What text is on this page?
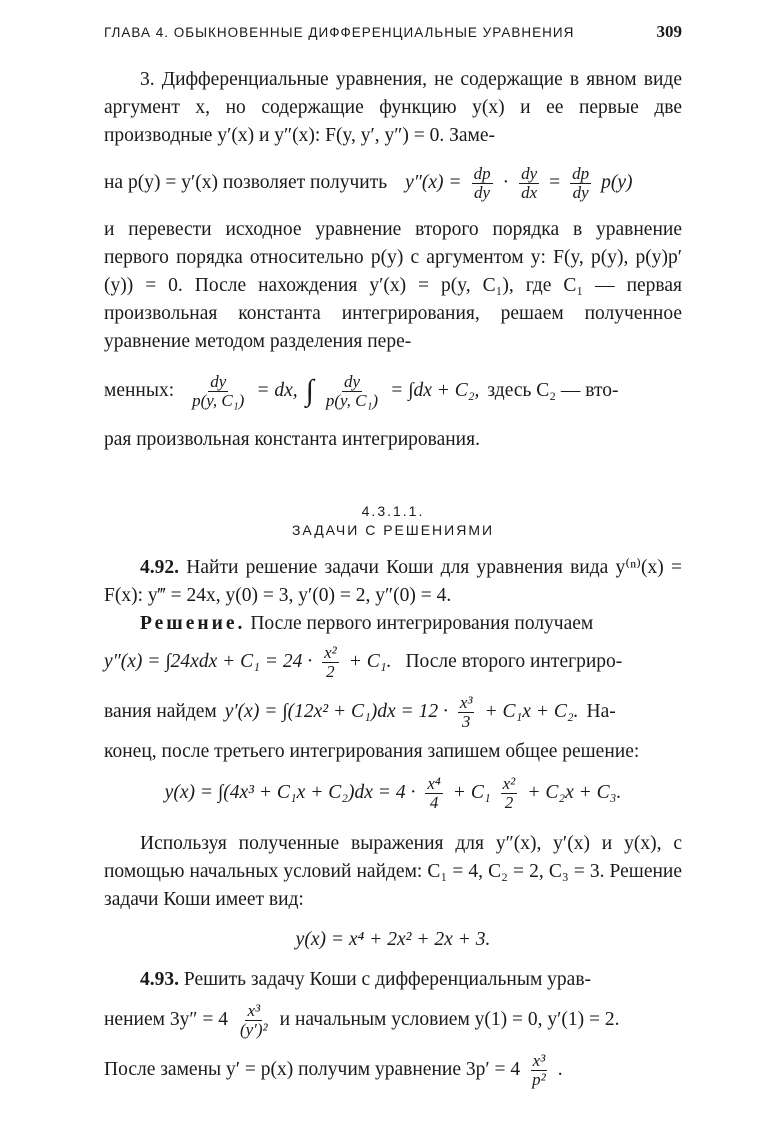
ГЛАВА 4. ОБЫКНОВЕННЫЕ ДИФФЕРЕНЦИАЛЬНЫЕ УРАВНЕНИЯ	309

3. Дифференциальные уравнения, не содержащие в явном виде аргумент x, но содержащие функцию y(x) и ее первые две производные y′(x) и y″(x): F(y, y′, y″) = 0. Заме-

на p(y) = y′(x) позволяет получить $y''(x) = \frac{dp}{dy} \cdot \frac{dy}{dx} = \frac{dp}{dy} p(y)$

и перевести исходное уравнение второго порядка в уравнение первого порядка относительно p(y) с аргументом y: F(y, p(y), p(y)p′(y)) = 0. После нахождения y′(x) = p(y, C₁), где C₁ — первая произвольная константа интегрирования, решаем полученное уравнение методом разделения пере-

менных: $\frac{dy}{\text{p(y, C₁)}}$ = dx, ∫ $\frac{dy}{\text{p(y, C₁)}} = \int dx + C_2$, здесь C₂ — вто-

рая произвольная константа интегрирования.

4.3.1.1.
ЗАДАЧИ С РЕШЕНИЯМИ

4.92. Найти решение задачи Коши для уравнения вида y⁽ⁿ⁾(x) = F(x): y‴ = 24x, y(0) = 3, y′(0) = 2, y″(0) = 4.

Решение. После первого интегрирования получаем

$y''(x) = \int 24xdx + C_1 = 24 \cdot \frac{\text{x²}}{2} + C_1$. После второго интегриро-
вания найдем $y'(x) = \int(12x^2 + C_1)dx = 12 \cdot \frac{\text{x³}}{3} + C_1x + C_2$. На-

конец, после третьего интегрирования запишем общее решение:

$y(x) = \int(4x^3 + C_1x + C_2)dx = 4 \cdot \frac{\text{x⁴}}{4} + C_1 \frac{\text{x²}}{2} + C_2x + C_3$.

Используя полученные выражения для y″(x), y′(x) и y(x), с помощью начальных условий найдем: C₁ = 4, C₂ = 2, C₃ = 3. Решение задачи Коши имеет вид:

y(x) = x⁴ + 2x² + 2x + 3.

4.93. Решить задачу Коши с дифференциальным урав-

нением $3y'' = 4 \frac{\text{x³}}{\text{(y′)²}}$ и начальным условием y(1) = 0, y′(1) = 2.
После замены y′ = p(x) получим уравнение $3p' = 4 \frac{\text{x³}}{\text{p²}}$ .
